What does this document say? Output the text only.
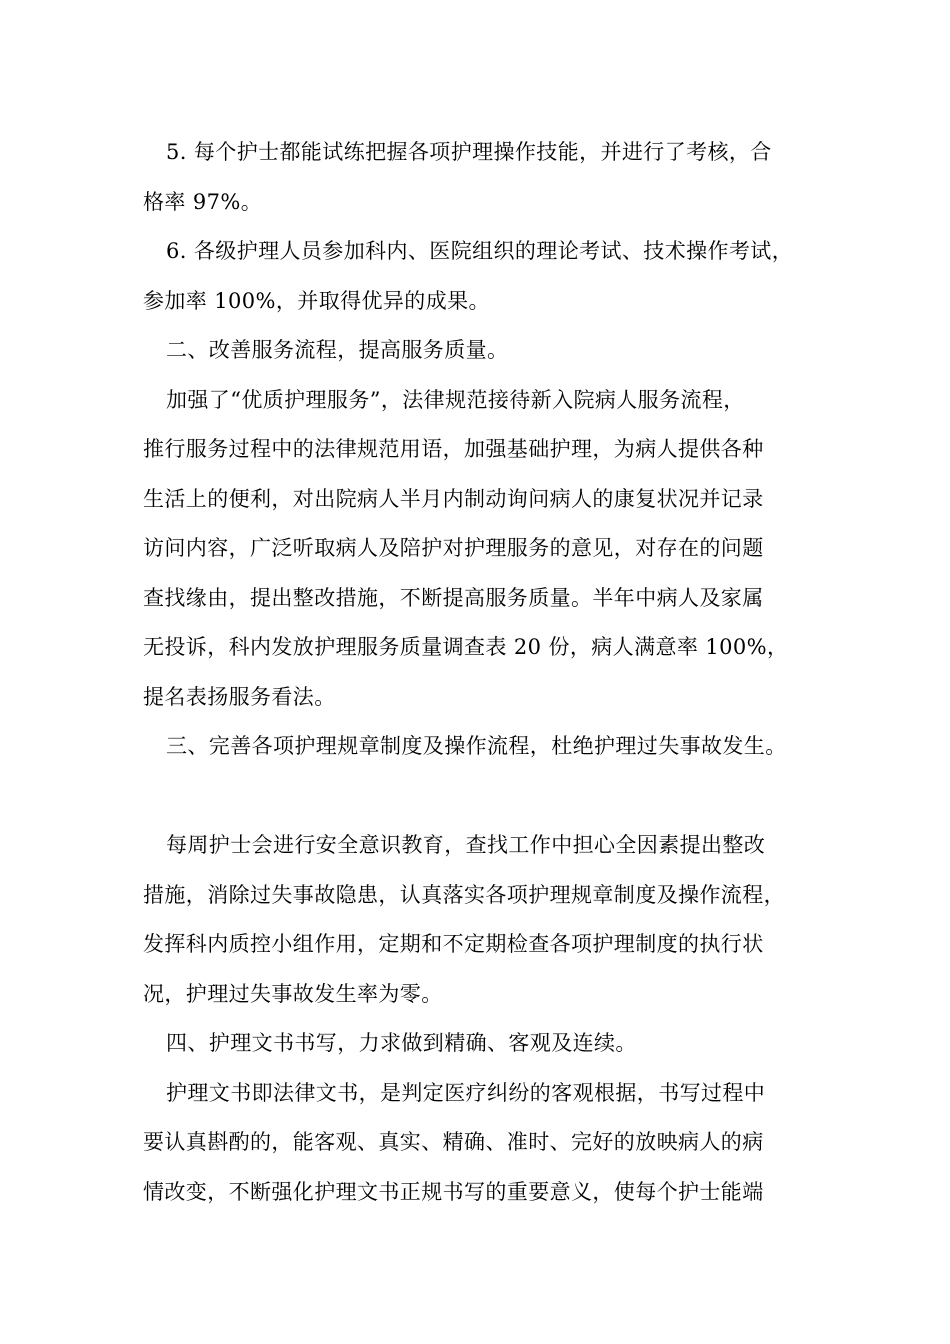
5. 每个护士都能试练把握各项护理操作技能，并进行了考核，合
格率 97%。
6. 各级护理人员参加科内、医院组织的理论考试、技术操作考试，
参加率 100%，并取得优异的成果。
二、改善服务流程，提高服务质量。
加强了“优质护理服务”，法律规范接待新入院病人服务流程，
推行服务过程中的法律规范用语，加强基础护理，为病人提供各种
生活上的便利，对出院病人半月内制动询问病人的康复状况并记录
访问内容，广泛听取病人及陪护对护理服务的意见，对存在的问题
查找缘由，提出整改措施，不断提高服务质量。半年中病人及家属
无投诉，科内发放护理服务质量调查表 20 份，病人满意率 100%，
提名表扬服务看法。
三、完善各项护理规章制度及操作流程，杜绝护理过失事故发生。
每周护士会进行安全意识教育，查找工作中担心全因素提出整改
措施，消除过失事故隐患，认真落实各项护理规章制度及操作流程，
发挥科内质控小组作用，定期和不定期检查各项护理制度的执行状
况，护理过失事故发生率为零。
四、护理文书书写，力求做到精确、客观及连续。
护理文书即法律文书，是判定医疗纠纷的客观根据，书写过程中
要认真斟酌的，能客观、真实、精确、准时、完好的放映病人的病
情改变，不断强化护理文书正规书写的重要意义，使每个护士能端
